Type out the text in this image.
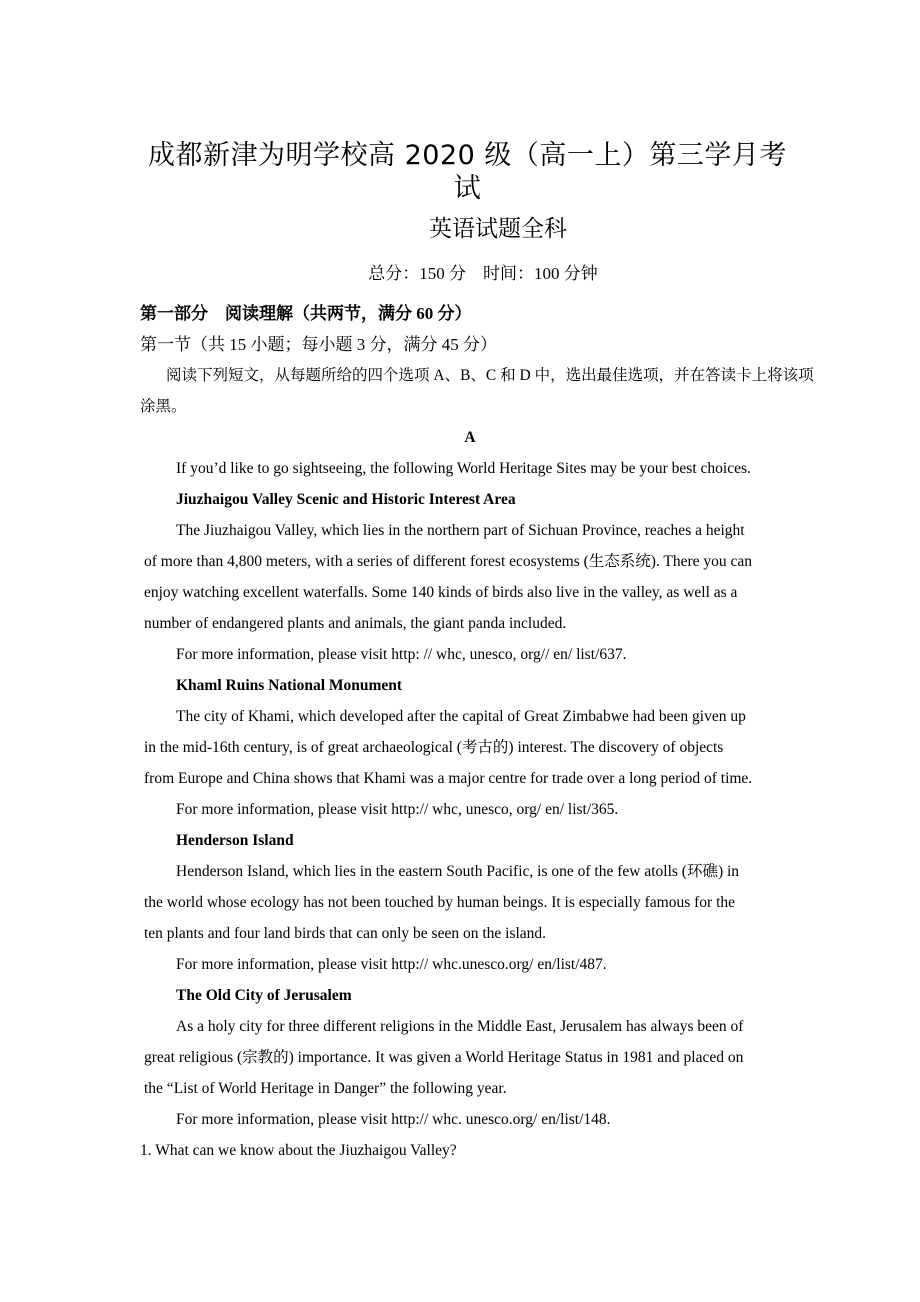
成都新津为明学校高 2020 级（高一上）第三学月考
试
英语试题全科
总分：150 分　时间：100 分钟
第一部分　阅读理解（共两节，满分 60 分）
第一节（共 15 小题；每小题 3 分，满分 45 分）
阅读下列短文，从每题所给的四个选项 A、B、C 和 D 中，选出最佳选项，并在答读卡上将该项
涂黑。
A
If you’d like to go sightseeing, the following World Heritage Sites may be your best choices.
Jiuzhaigou Valley Scenic and Historic Interest Area
The Jiuzhaigou Valley, which lies in the northern part of Sichuan Province, reaches a height
of more than 4,800 meters, with a series of different forest ecosystems (生态系统). There you can
enjoy watching excellent waterfalls. Some 140 kinds of birds also live in the valley, as well as a
number of endangered plants and animals, the giant panda included.
For more information, please visit http: // whc, unesco, org// en/ list/637.
Khaml Ruins National Monument
The city of Khami, which developed after the capital of Great Zimbabwe had been given up
in the mid-16th century, is of great archaeological (考古的) interest. The discovery of objects
from Europe and China shows that Khami was a major centre for trade over a long period of time.
For more information, please visit http:// whc, unesco, org/ en/ list/365.
Henderson Island
Henderson Island, which lies in the eastern South Pacific, is one of the few atolls (环礁) in
the world whose ecology has not been touched by human beings. It is especially famous for the
ten plants and four land birds that can only be seen on the island.
For more information, please visit http:// whc.unesco.org/ en/list/487.
The Old City of Jerusalem
As a holy city for three different religions in the Middle East, Jerusalem has always been of
great religious (宗教的) importance. It was given a World Heritage Status in 1981 and placed on
the “List of World Heritage in Danger” the following year.
For more information, please visit http:// whc. unesco.org/ en/list/148.
1. What can we know about the Jiuzhaigou Valley?
